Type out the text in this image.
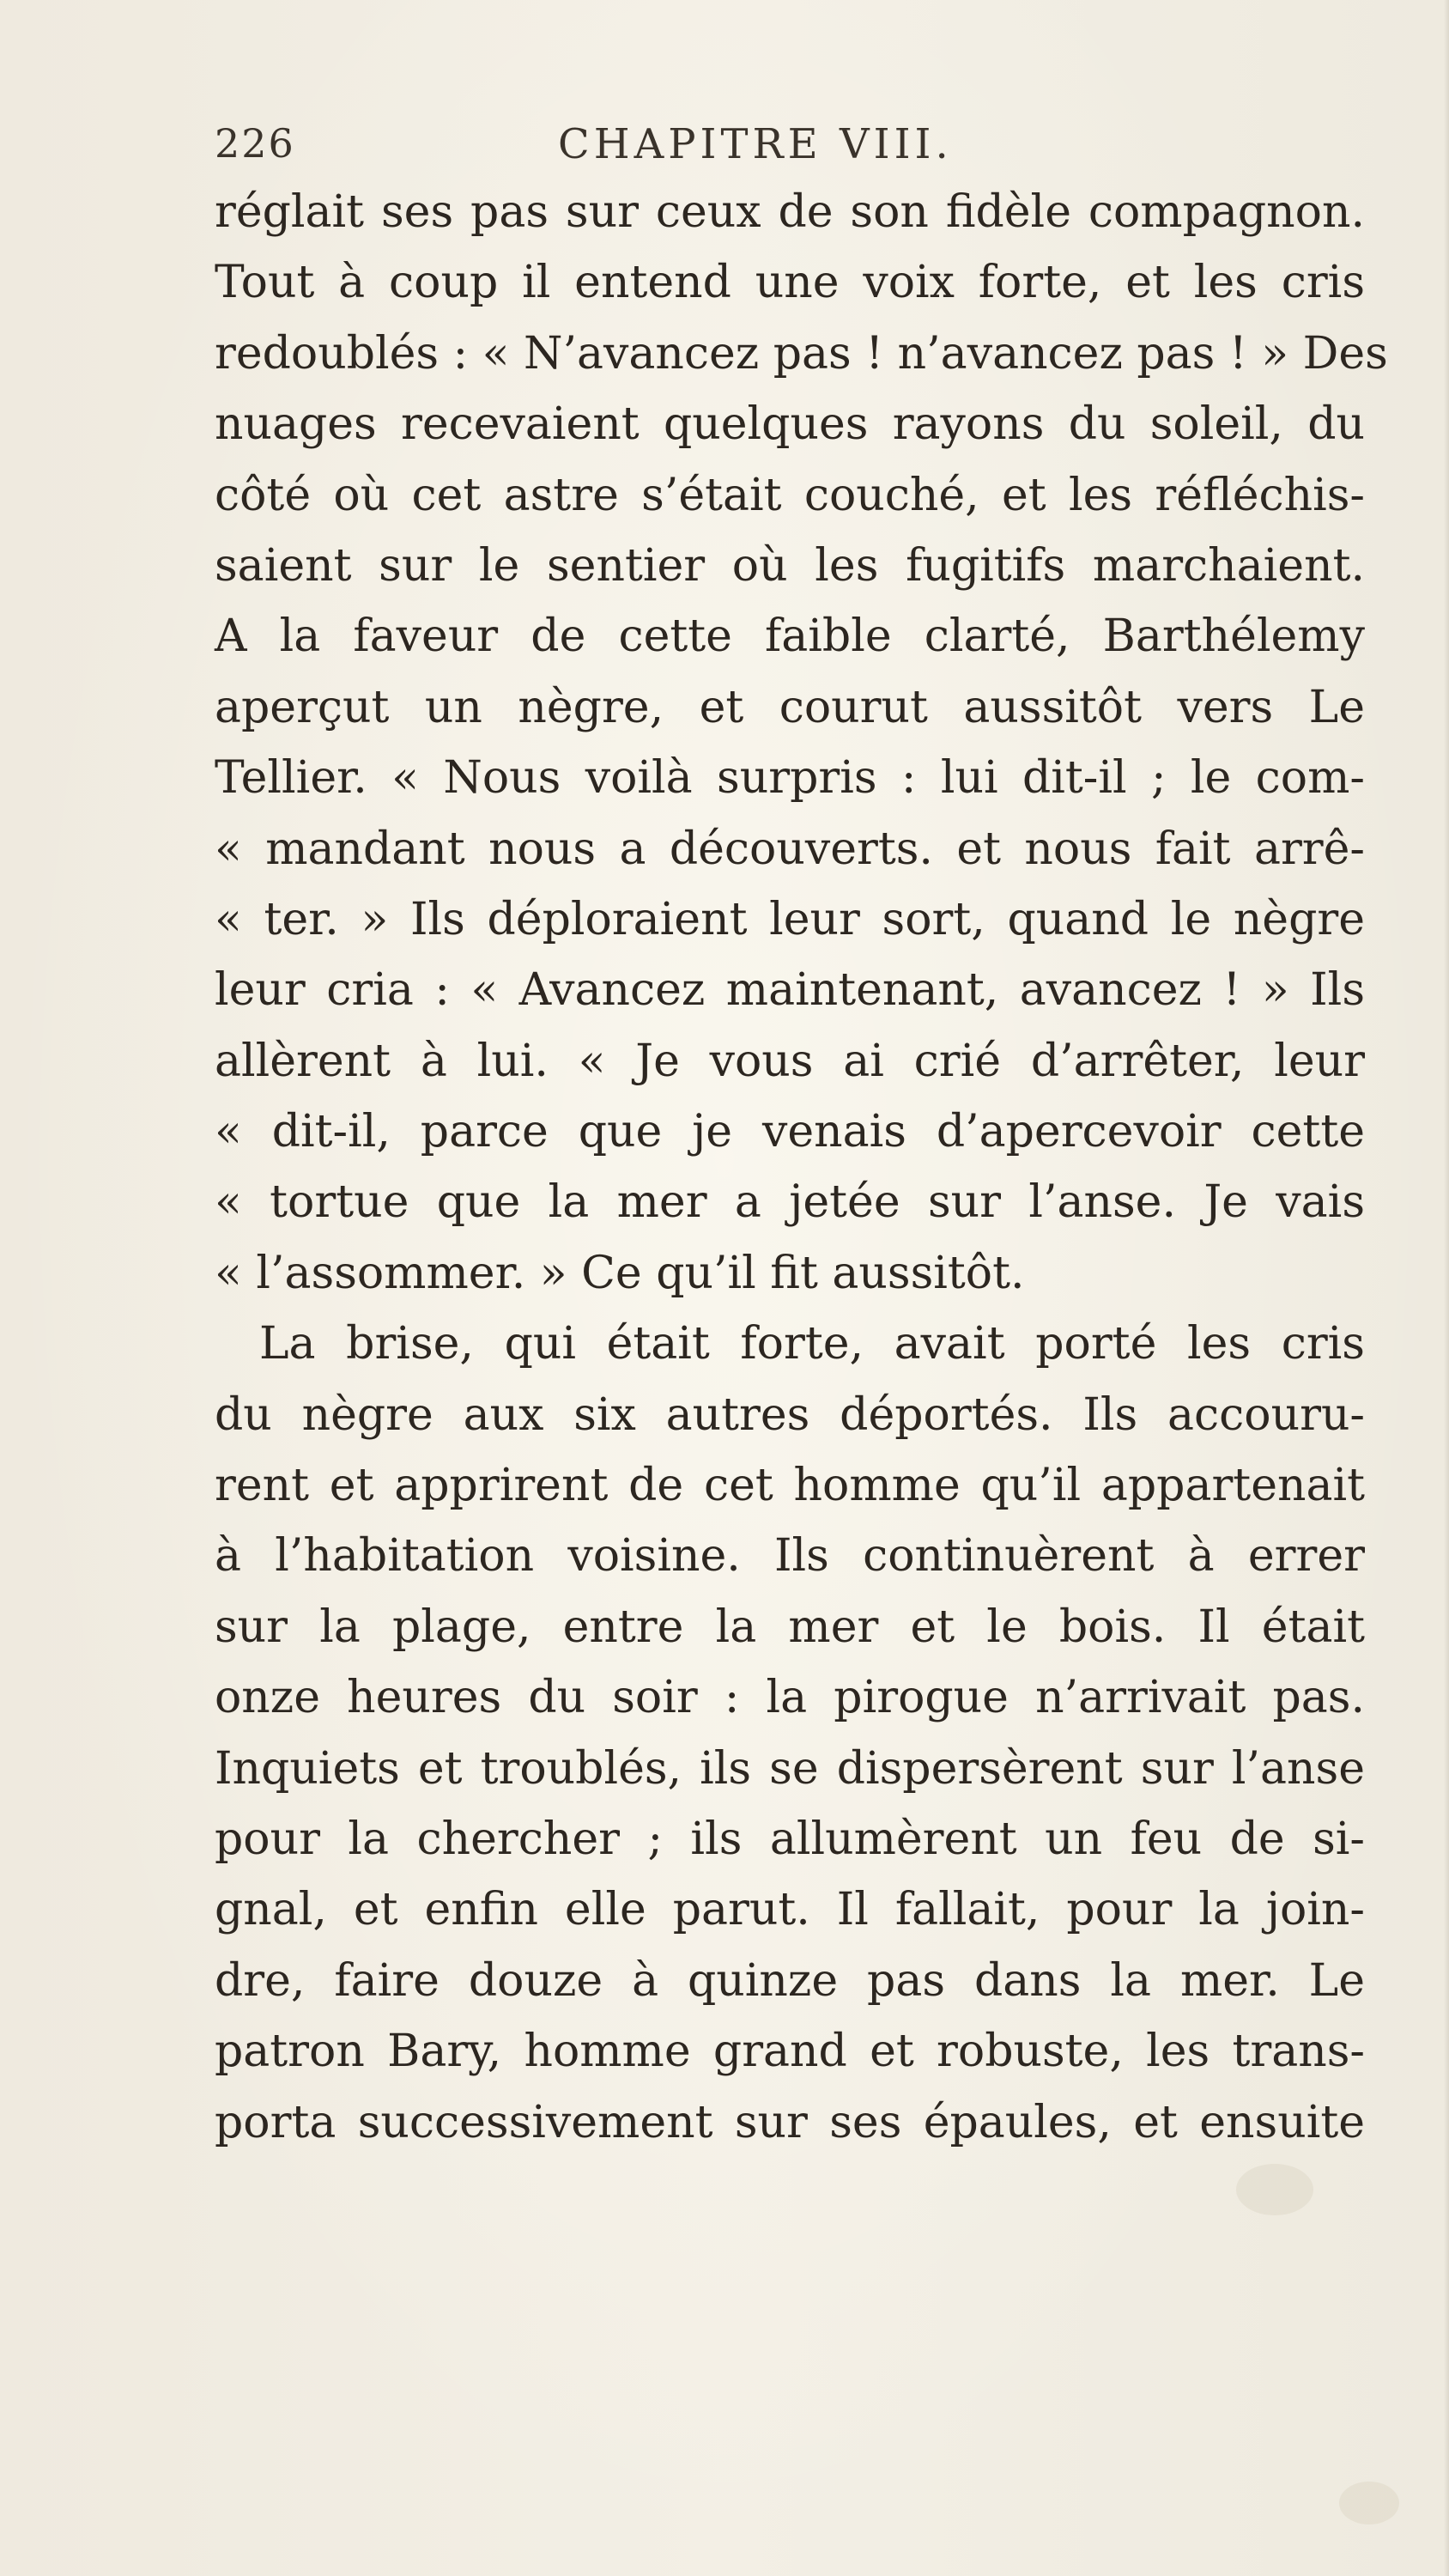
226	CHAPITRE VIII.
réglait ses pas sur ceux de son fidèle compagnon.
Tout à coup il entend une voix forte, et les cris
redoublés : « N’avancez pas ! n’avancez pas ! » Des
nuages recevaient quelques rayons du soleil, du
côté où cet astre s’était couché, et les réfléchis-
saient sur le sentier où les fugitifs marchaient.
A la faveur de cette faible clarté, Barthélemy
aperçut un nègre, et courut aussitôt vers Le
Tellier. « Nous voilà surpris : lui dit-il ; le com-
« mandant nous a découverts. et nous fait arrê-
« ter. » Ils déploraient leur sort, quand le nègre
leur cria : « Avancez maintenant, avancez ! » Ils
allèrent à lui. « Je vous ai crié d’arrêter, leur
« dit-il, parce que je venais d’apercevoir cette
« tortue que la mer a jetée sur l’anse. Je vais
« l’assommer. » Ce qu’il fit aussitôt.
La brise, qui était forte, avait porté les cris
du nègre aux six autres déportés. Ils accouru-
rent et apprirent de cet homme qu’il appartenait
à l’habitation voisine. Ils continuèrent à errer
sur la plage, entre la mer et le bois. Il était
onze heures du soir : la pirogue n’arrivait pas.
Inquiets et troublés, ils se dispersèrent sur l’anse
pour la chercher ; ils allumèrent un feu de si-
gnal, et enfin elle parut. Il fallait, pour la join-
dre, faire douze à quinze pas dans la mer. Le
patron Bary, homme grand et robuste, les trans-
porta successivement sur ses épaules, et ensuite
